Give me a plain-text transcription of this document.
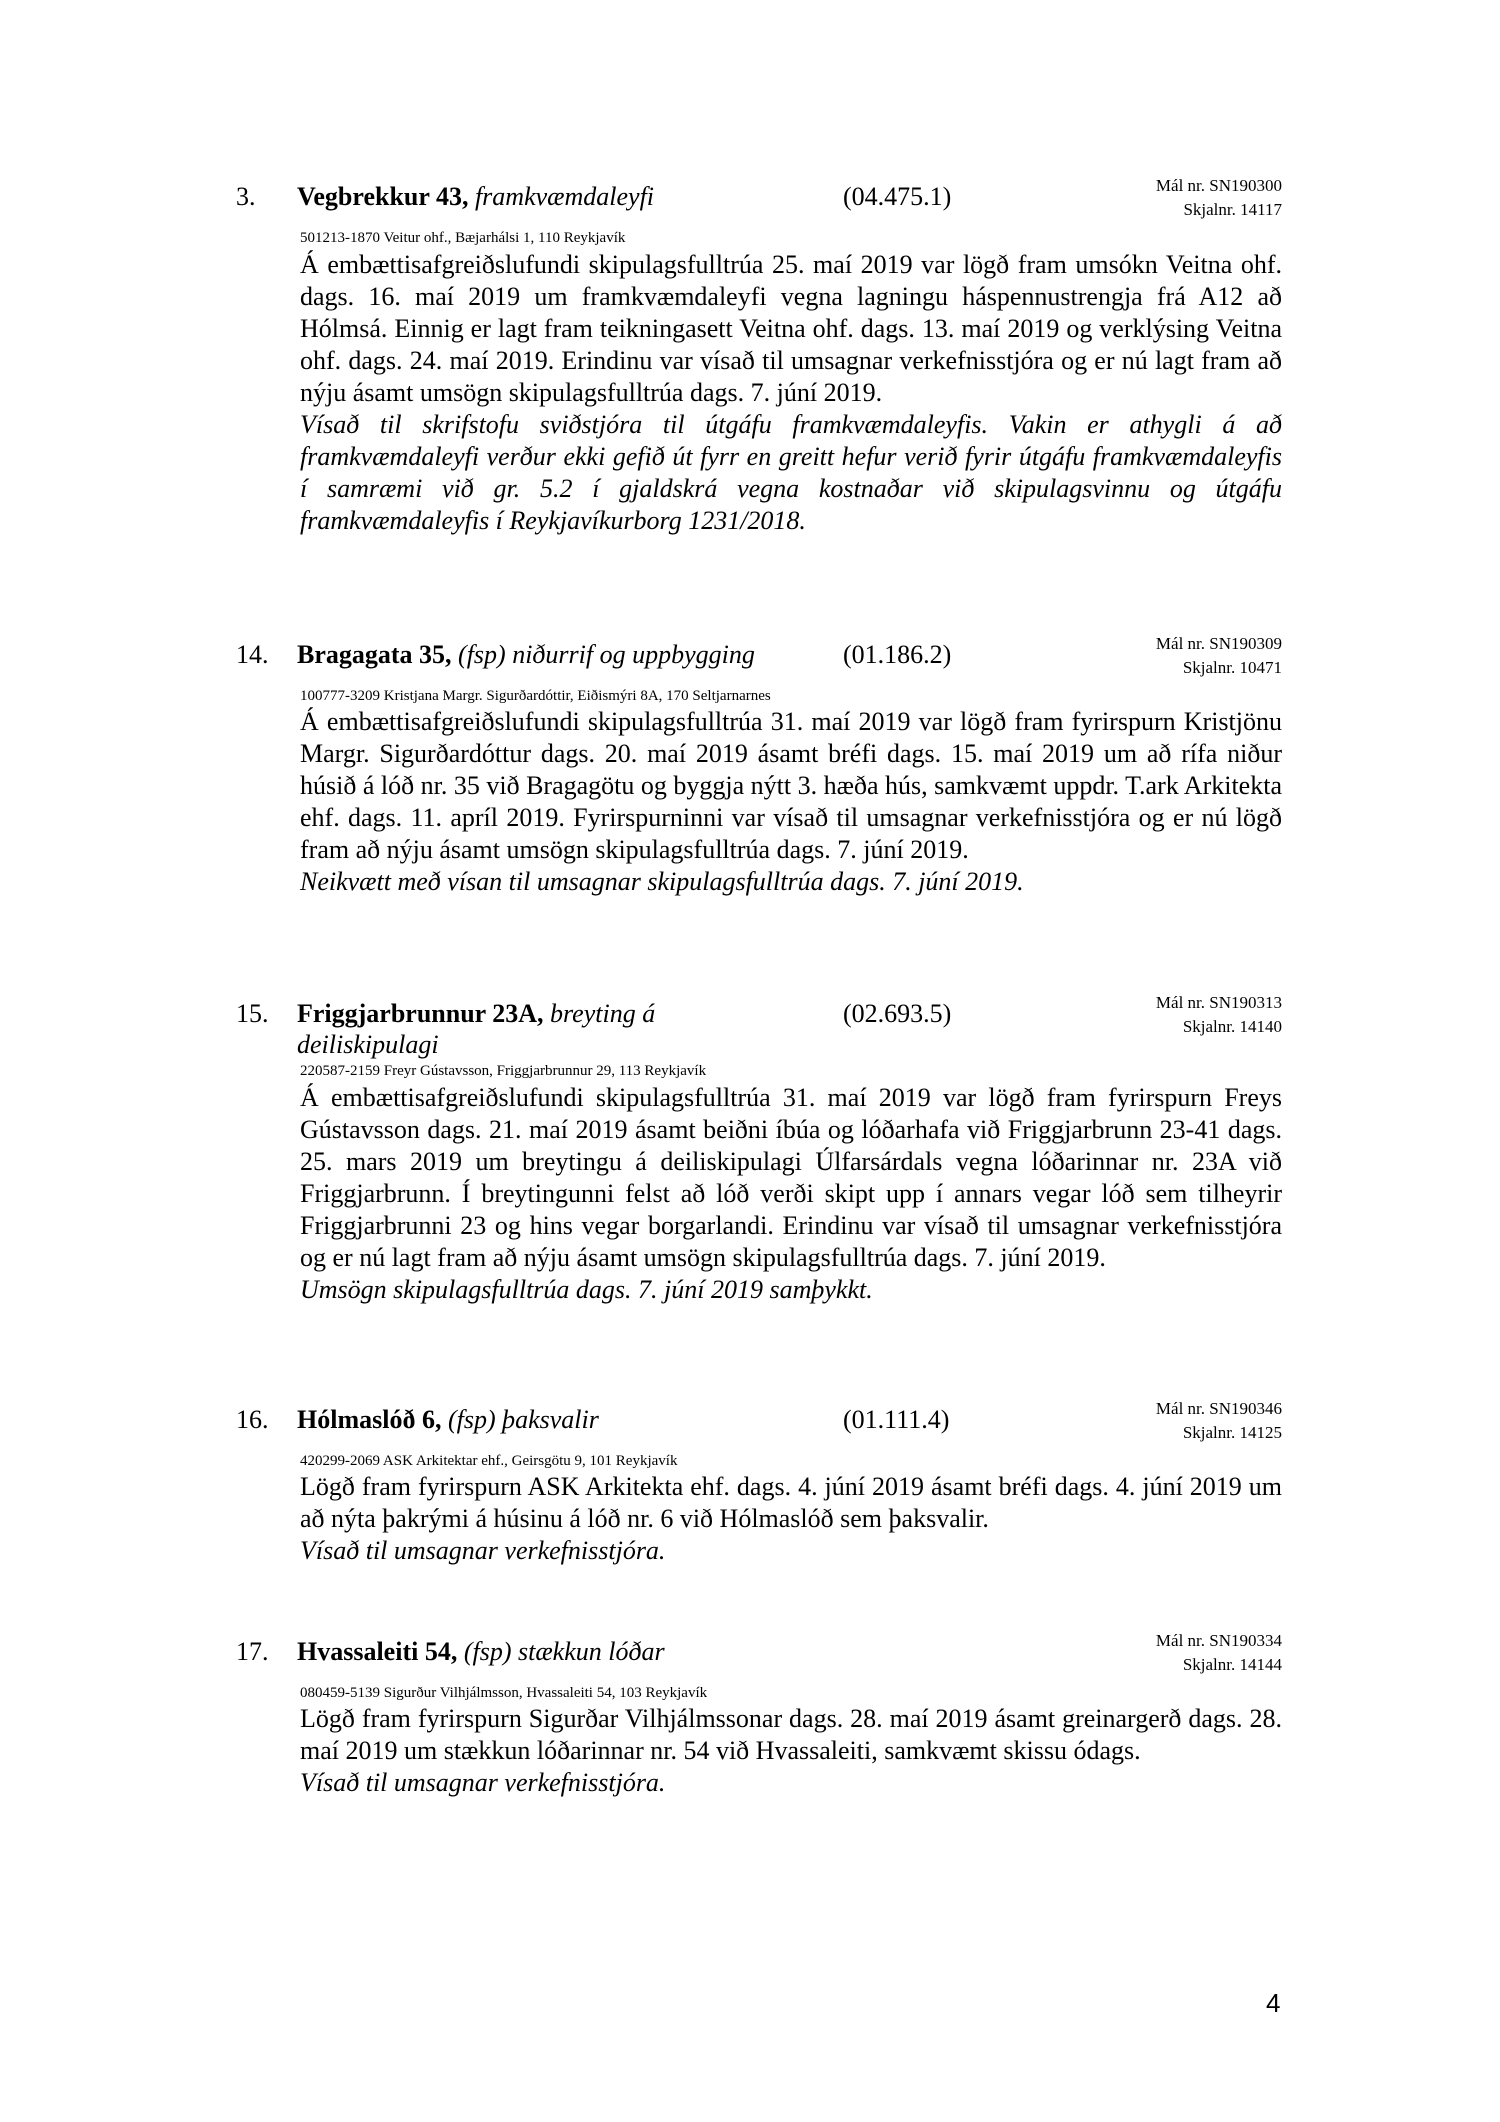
3. Vegbrekkur 43, framkvæmdaleyfi	(04.475.1)	Mál nr. SN190300
Skjalnr. 14117
501213-1870 Veitur ohf., Bæjarhálsi 1, 110 Reykjavík

Á embættisafgreiðslufundi skipulagsfulltrúa 25. maí 2019 var lögð fram umsókn Veitna ohf. dags. 16. maí 2019 um framkvæmdaleyfi vegna lagningu háspennustrengja frá A12 að Hólmsá. Einnig er lagt fram teikningasett Veitna ohf. dags. 13. maí 2019 og verklýsing Veitna ohf. dags. 24. maí 2019. Erindinu var vísað til umsagnar verkefnisstjóra og er nú lagt fram að nýju ásamt umsögn skipulagsfulltrúa dags. 7. júní 2019.

Vísað til skrifstofu sviðstjóra til útgáfu framkvæmdaleyfis. Vakin er athygli á að framkvæmdaleyfi verður ekki gefið út fyrr en greitt hefur verið fyrir útgáfu framkvæmdaleyfis í samræmi við gr. 5.2 í gjaldskrá vegna kostnaðar við skipulagsvinnu og útgáfu framkvæmdaleyfis í Reykjavíkurborg 1231/2018.

14. Bragagata 35, (fsp) niðurrif og uppbygging	(01.186.2)	Mál nr. SN190309
Skjalnr. 10471
100777-3209 Kristjana Margr. Sigurðardóttir, Eiðismýri 8A, 170 Seltjarnarnes

Á embættisafgreiðslufundi skipulagsfulltrúa 31. maí 2019 var lögð fram fyrirspurn Kristjönu Margr. Sigurðardóttur dags. 20. maí 2019 ásamt bréfi dags. 15. maí 2019 um að rífa niður húsið á lóð nr. 35 við Bragagötu og byggja nýtt 3. hæða hús, samkvæmt uppdr. T.ark Arkitekta ehf. dags. 11. apríl 2019. Fyrirspurninni var vísað til umsagnar verkefnisstjóra og er nú lögð fram að nýju ásamt umsögn skipulagsfulltrúa dags. 7. júní 2019.

Neikvætt með vísan til umsagnar skipulagsfulltrúa dags. 7. júní 2019.

15. Friggjarbrunnur 23A, breyting á
deiliskipulagi
(02.693.5)	Mál nr. SN190313
Skjalnr. 14140
220587-2159 Freyr Gústavsson, Friggjarbrunnur 29, 113 Reykjavík

Á embættisafgreiðslufundi skipulagsfulltrúa 31. maí 2019 var lögð fram fyrirspurn Freys Gústavsson dags. 21. maí 2019 ásamt beiðni íbúa og lóðarhafa við Friggjarbrunn 23-41 dags. 25. mars 2019 um breytingu á deiliskipulagi Úlfarsárdals vegna lóðarinnar nr. 23A við Friggjarbrunn. Í breytingunni felst að lóð verði skipt upp í annars vegar lóð sem tilheyrir Friggjarbrunni 23 og hins vegar borgarlandi. Erindinu var vísað til umsagnar verkefnisstjóra og er nú lagt fram að nýju ásamt umsögn skipulagsfulltrúa dags. 7. júní 2019.

Umsögn skipulagsfulltrúa dags. 7. júní 2019 samþykkt.

16. Hólmaslóð 6, (fsp) þaksvalir	(01.111.4)	Mál nr. SN190346
Skjalnr. 14125
420299-2069 ASK Arkitektar ehf., Geirsgötu 9, 101 Reykjavík

Lögð fram fyrirspurn ASK Arkitekta ehf. dags. 4. júní 2019 ásamt bréfi dags. 4. júní 2019 um að nýta þakrými á húsinu á lóð nr. 6 við Hólmaslóð sem þaksvalir.

Vísað til umsagnar verkefnisstjóra.

17. Hvassaleiti 54, (fsp) stækkun lóðar	Mál nr. SN190334
Skjalnr. 14144
080459-5139 Sigurður Vilhjálmsson, Hvassaleiti 54, 103 Reykjavík

Lögð fram fyrirspurn Sigurðar Vilhjálmssonar dags. 28. maí 2019 ásamt greinargerð dags. 28. maí 2019 um stækkun lóðarinnar nr. 54 við Hvassaleiti, samkvæmt skissu ódags.

Vísað til umsagnar verkefnisstjóra.

4
